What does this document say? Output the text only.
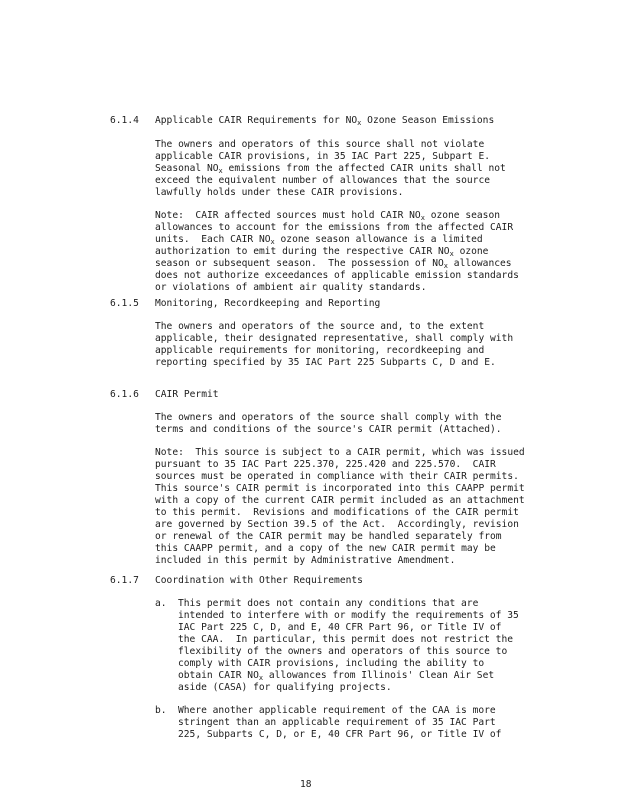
6.1.4 Applicable CAIR Requirements for $NO_x$ Ozone Season Emissions

The owners and operators of this source shall not violate
applicable CAIR provisions, in 35 IAC Part 225, Subpart E.
Seasonal $NO_x$ emissions from the affected CAIR units shall not
exceed the equivalent number of allowances that the source
lawfully holds under these CAIR provisions.

Note:  CAIR affected sources must hold CAIR $NO_x$ ozone season
allowances to account for the emissions from the affected CAIR
units.  Each CAIR $NO_x$ ozone season allowance is a limited
authorization to emit during the respective CAIR $NO_x$ ozone
season or subsequent season.  The possession of $NO_x$ allowances
does not authorize exceedances of applicable emission standards
or violations of ambient air quality standards.

6.1.5 Monitoring, Recordkeeping and Reporting

The owners and operators of the source and, to the extent
applicable, their designated representative, shall comply with
applicable requirements for monitoring, recordkeeping and
reporting specified by 35 IAC Part 225 Subparts C, D and E.

6.1.6 CAIR Permit

The owners and operators of the source shall comply with the
terms and conditions of the source's CAIR permit (Attached).

Note:  This source is subject to a CAIR permit, which was issued
pursuant to 35 IAC Part 225.370, 225.420 and 225.570.  CAIR
sources must be operated in compliance with their CAIR permits.
This source's CAIR permit is incorporated into this CAAPP permit
with a copy of the current CAIR permit included as an attachment
to this permit.  Revisions and modifications of the CAIR permit
are governed by Section 39.5 of the Act.  Accordingly, revision
or renewal of the CAIR permit may be handled separately from
this CAAPP permit, and a copy of the new CAIR permit may be
included in this permit by Administrative Amendment.

6.1.7 Coordination with Other Requirements
a. This permit does not contain any conditions that are
intended to interfere with or modify the requirements of 35
IAC Part 225 C, D, and E, 40 CFR Part 96, or Title IV of
the CAA.  In particular, this permit does not restrict the
flexibility of the owners and operators of this source to
comply with CAIR provisions, including the ability to
obtain CAIR $NO_x$ allowances from Illinois' Clean Air Set
aside (CASA) for qualifying projects.

b. Where another applicable requirement of the CAA is more
stringent than an applicable requirement of 35 IAC Part
225, Subparts C, D, or E, 40 CFR Part 96, or Title IV of

18
